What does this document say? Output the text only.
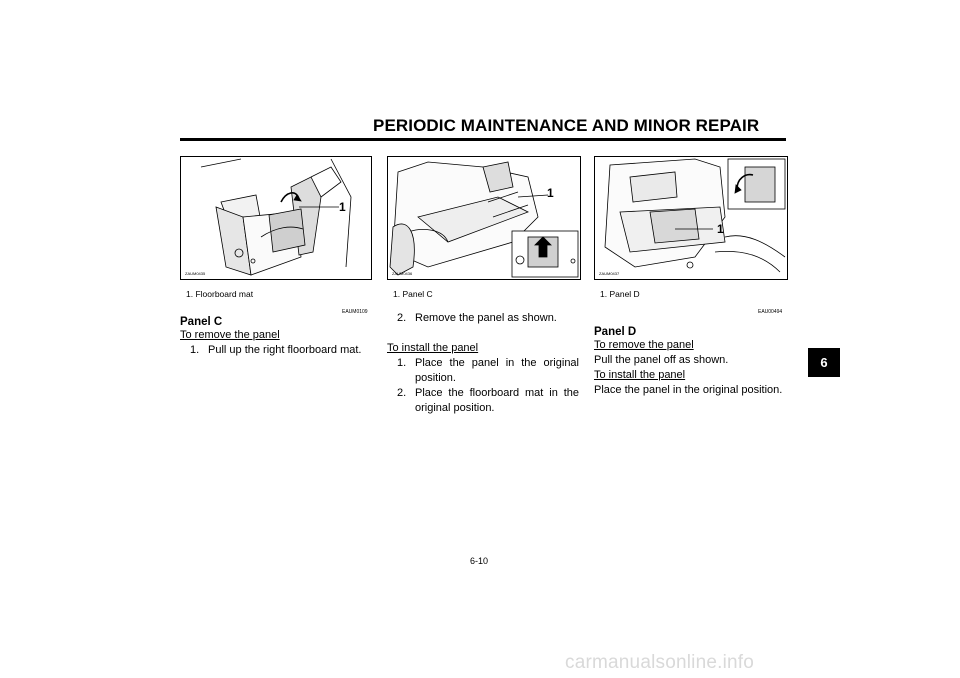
PERIODIC MAINTENANCE AND MINOR REPAIR
1
ZAUM0435
1
ZAUM0436
1
ZAUM0437
1. Floorboard mat	1. Panel C	1. Panel D
EAUM0109
Panel C
To remove the panel
1. Pull up the right floorboard mat.
2. Remove the panel as shown.
To install the panel
1. Place the panel in the original position.
2. Place the floorboard mat in the original position.
EAU00494
Panel D
To remove the panel
Pull the panel off as shown.
To install the panel
Place the panel in the original position.
6
6-10
carmanualsonline.info
